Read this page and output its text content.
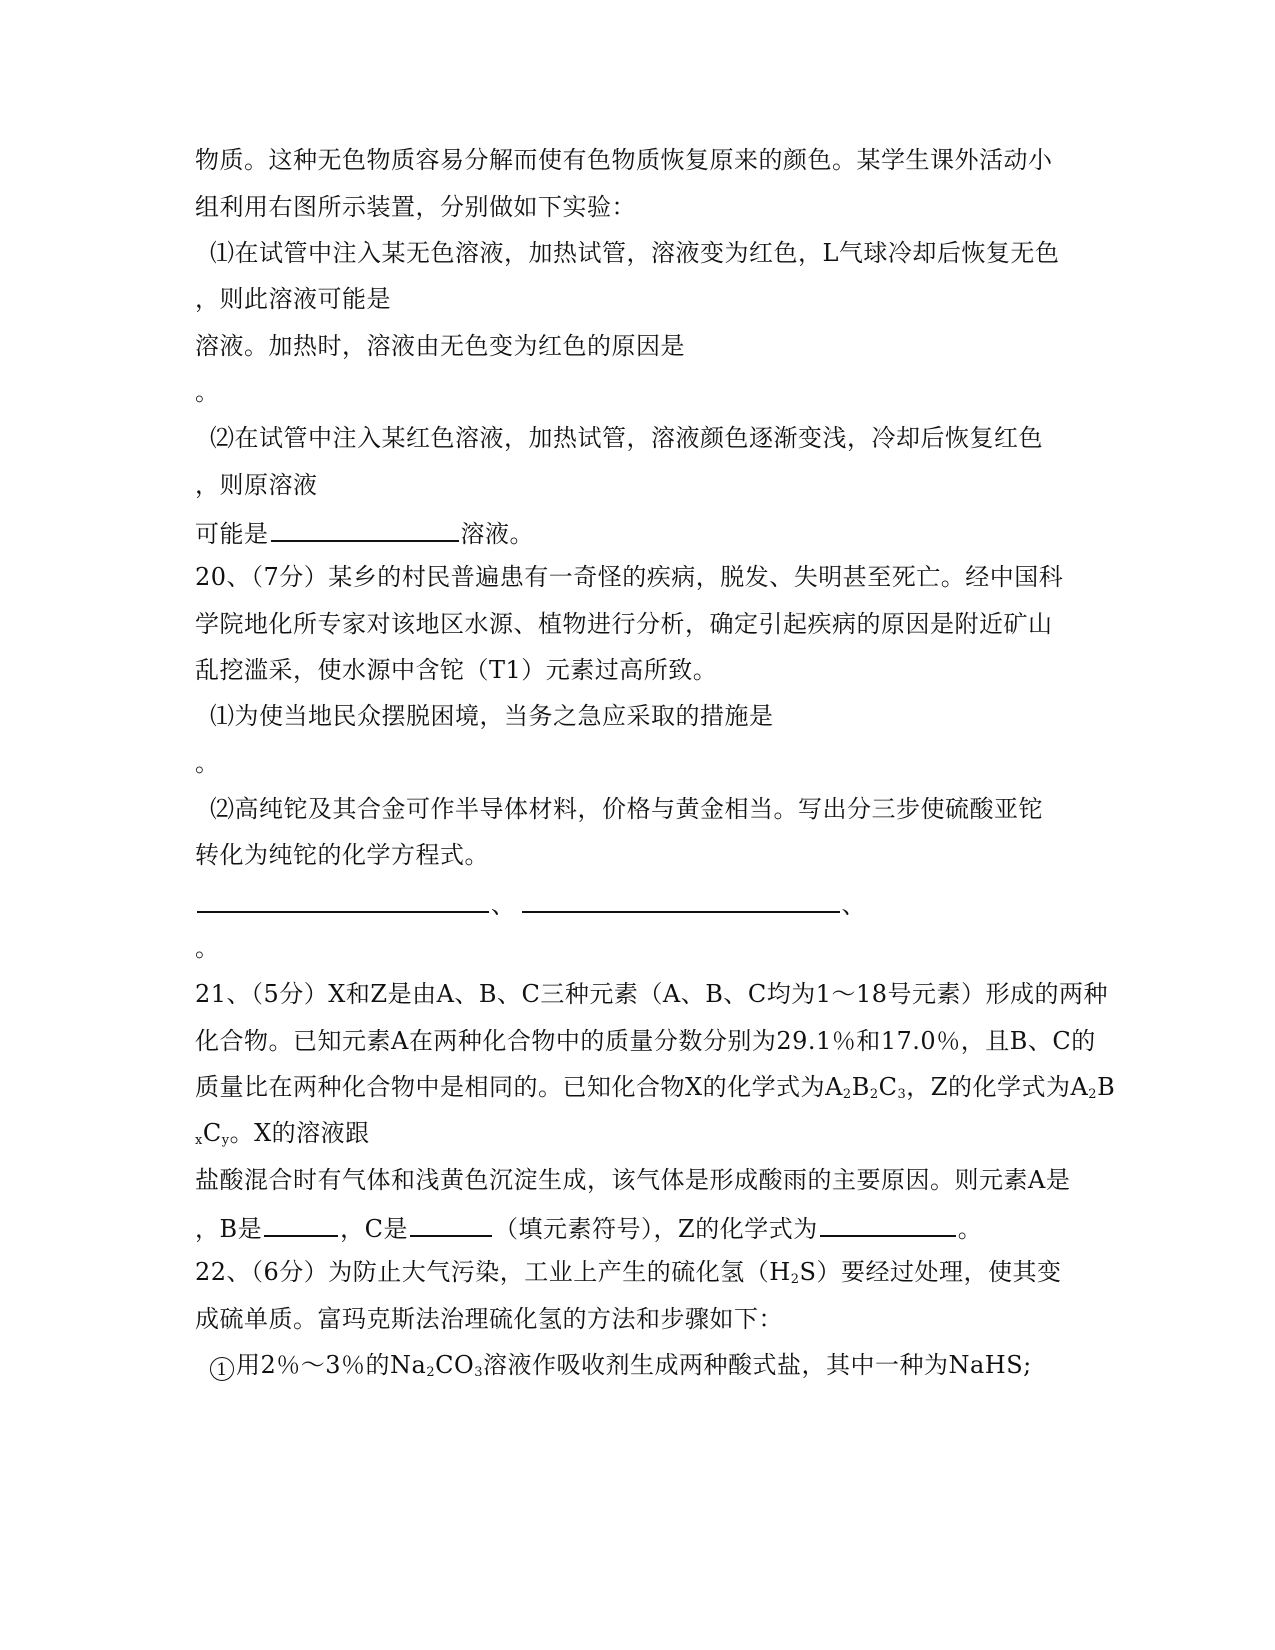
物质。这种无色物质容易分解而使有色物质恢复原来的颜色。某学生课外活动小
组利用右图所示装置，分别做如下实验：
⑴在试管中注入某无色溶液，加热试管，溶液变为红色，L气球冷却后恢复无色
，则此溶液可能是
溶液。加热时，溶液由无色变为红色的原因是
。
⑵在试管中注入某红色溶液，加热试管，溶液颜色逐渐变浅，冷却后恢复红色
，则原溶液
可能是	溶液。
20、（7分）某乡的村民普遍患有一奇怪的疾病，脱发、失明甚至死亡。经中国科
学院地化所专家对该地区水源、植物进行分析，确定引起疾病的原因是附近矿山
乱挖滥采，使水源中含铊（T1）元素过高所致。
⑴为使当地民众摆脱困境，当务之急应采取的措施是
。
⑵高纯铊及其合金可作半导体材料，价格与黄金相当。写出分三步使硫酸亚铊
转化为纯铊的化学方程式。
、	、
。
21、（5分）X和Z是由A、B、C三种元素（A、B、C均为1～18号元素）形成的两种
化合物。已知元素A在两种化合物中的质量分数分别为29.1％和17.0％，且B、C的
质量比在两种化合物中是相同的。已知化合物X的化学式为$A_2B_2C_3$，Z的化学式为$A_2B$
$_xC_y$。X的溶液跟
盐酸混合时有气体和浅黄色沉淀生成，该气体是形成酸雨的主要原因。则元素A是
，B是	，C是	（填元素符号），Z的化学式为	。
22、（6分）为防止大气污染，工业上产生的硫化氢$(H_2S)$要经过处理，使其变
成硫单质。富玛克斯法治理硫化氢的方法和步骤如下：
1 用2％～3％的$Na_2CO_3$溶液作吸收剂生成两种酸式盐，其中一种为NaHS;
